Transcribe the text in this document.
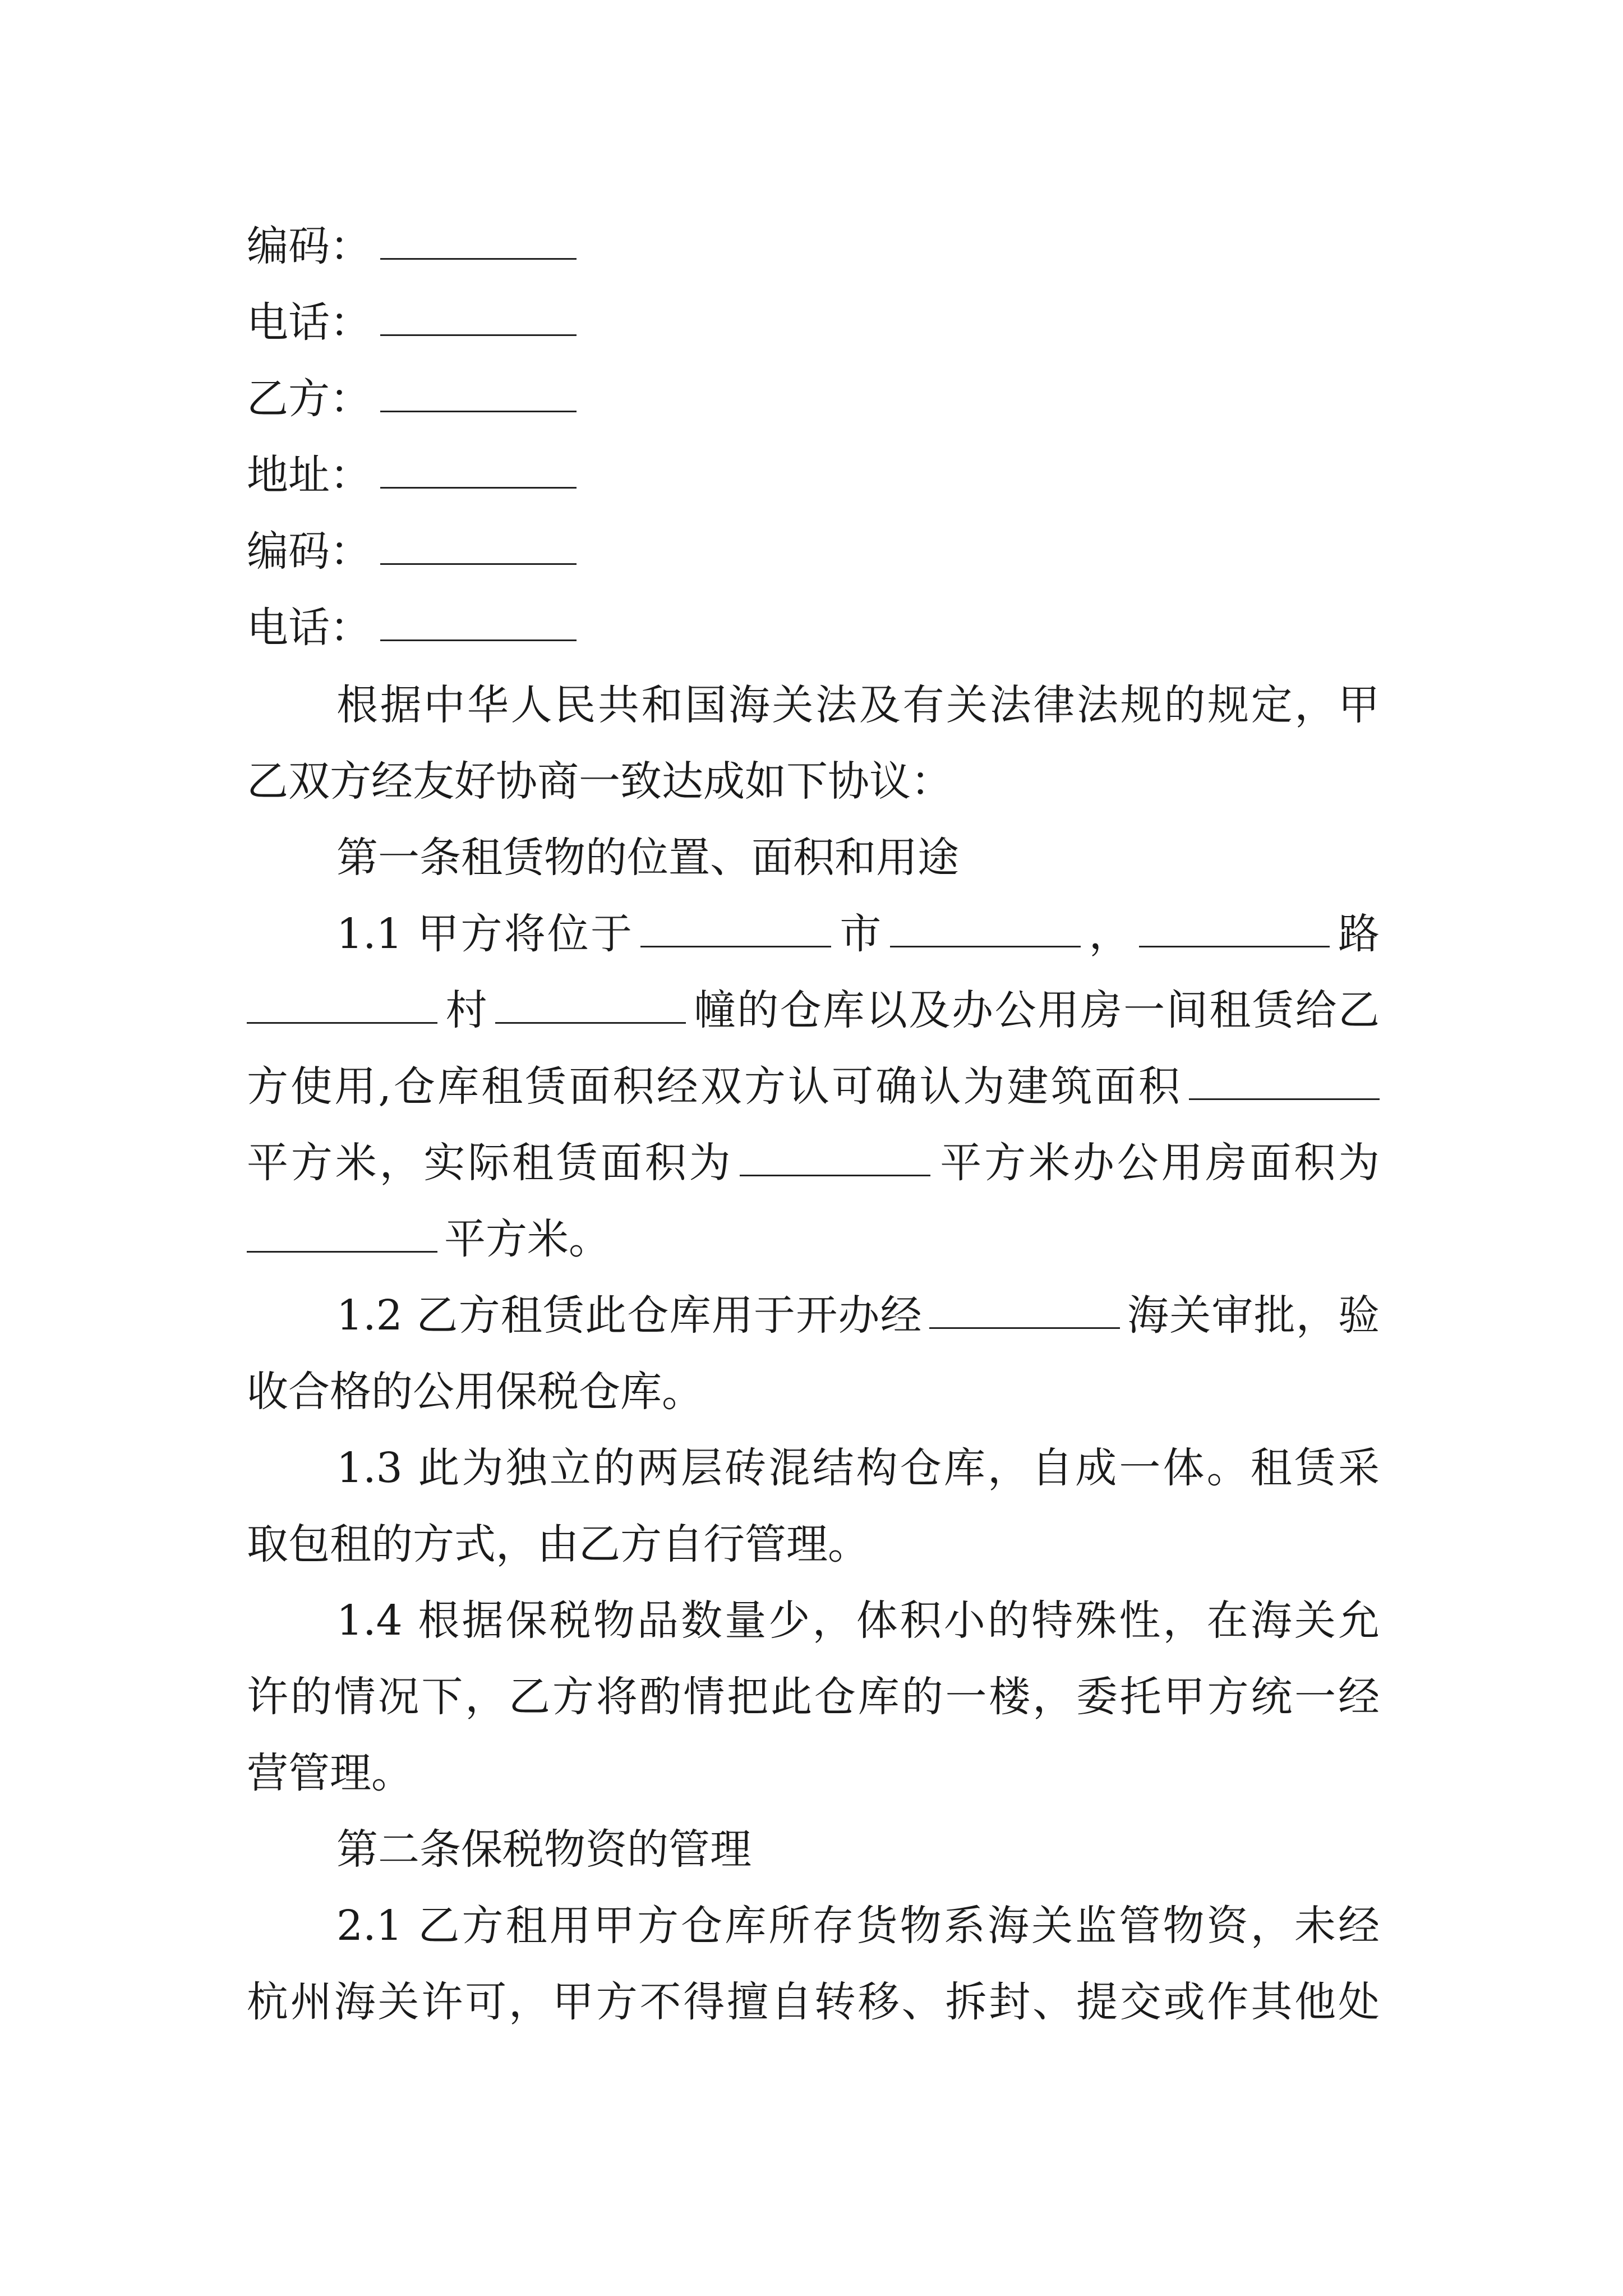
编码：
电话：
乙方：
地址：
编码：
电话：
根据中华人民共和国海关法及有关法律法规的规定，甲
乙双方经友好协商一致达成如下协议：
第一条租赁物的位置、面积和用途
1.1 甲方将位于	市	，	路
村	幢的仓库以及办公用房一间租赁给乙
方使用,仓库租赁面积经双方认可确认为建筑面积
平方米，实际租赁面积为	平方米办公用房面积为
平方米。
1.2 乙方租赁此仓库用于开办经	海关审批，验
收合格的公用保税仓库。
1.3 此为独立的两层砖混结构仓库，自成一体。租赁采
取包租的方式，由乙方自行管理。
1.4 根据保税物品数量少，体积小的特殊性，在海关允
许的情况下，乙方将酌情把此仓库的一楼，委托甲方统一经
营管理。
第二条保税物资的管理
2.1 乙方租用甲方仓库所存货物系海关监管物资，未经
杭州海关许可，甲方不得擅自转移、拆封、提交或作其他处
